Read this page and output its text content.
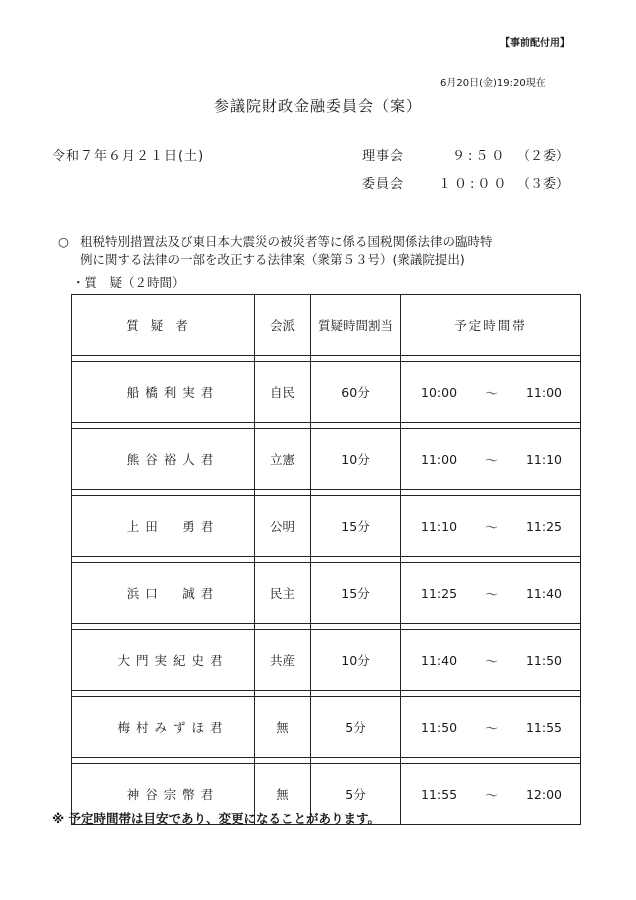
【事前配付用】
6月20日(金)19:20現在
参議院財政金融委員会（案）
令和７年６月２１日(土)	理事会	９:５０ （２委）
委員会	１０:００ （３委）
○ 租税特別措置法及び東日本大震災の被災者等に係る国税関係法律の臨時特
例に関する法律の一部を改正する法律案（衆第５３号）(衆議院提出)
・質　疑（２時間）
質疑者	会派	質疑時間割当	予定時間帯

船橋利実君	自民	60分	10:00 ～ 11:00

熊谷裕人君	立憲	10分	11:00 ～ 11:10

上田　勇君	公明	15分	11:10 ～ 11:25

浜口　誠君	民主	15分	11:25 ～ 11:40

大門実紀史君	共産	10分	11:40 ～ 11:50

梅村みずほ君	無	5分	11:50 ～ 11:55

神谷宗幣君	無	5分	11:55 ～ 12:00
※ 予定時間帯は目安であり、変更になることがあります。
